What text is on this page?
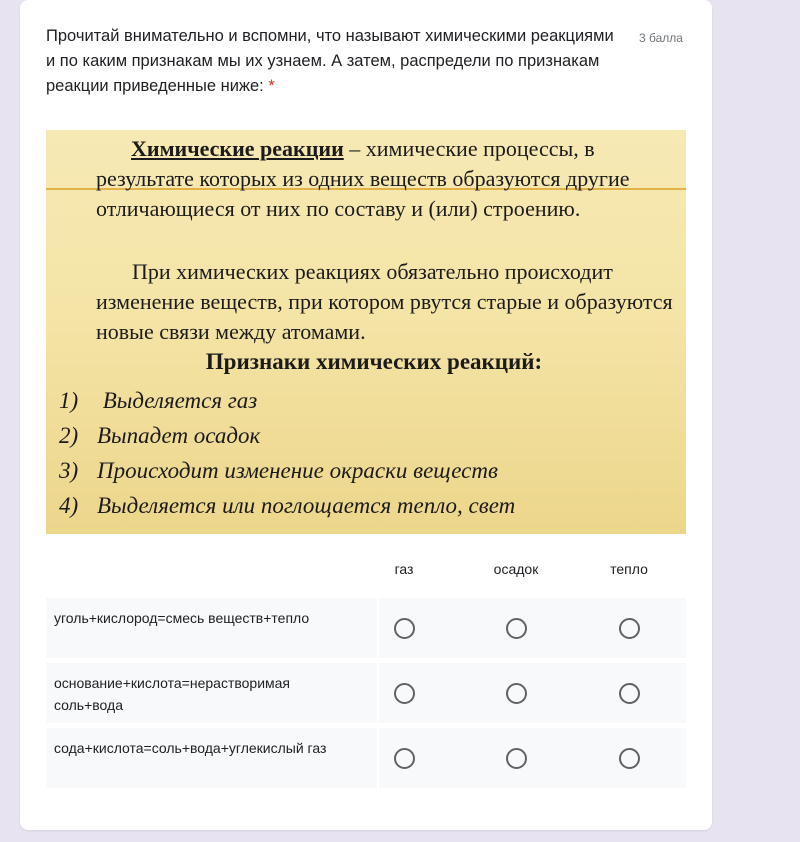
Прочитай внимательно и вспомни, что называют химическими реакциями и по каким признакам мы их узнаем. А затем, распредели по признакам реакции приведенные ниже: *
3 балла
Химические реакции – химические процессы, в результате которых из одних веществ образуются другие отличающиеся от них по составу и (или) строению.
При химических реакциях обязательно происходит изменение веществ, при котором рвутся старые и образуются новые связи между атомами.
Признаки химических реакций:
1) Выделяется газ
2) Выпадет осадок
3) Происходит изменение окраски веществ
4) Выделяется или поглощается тепло, свет
газ	осадок	тепло
уголь+кислород=смесь веществ+тепло
основание+кислота=нерастворимая соль+вода
сода+кислота=соль+вода+углекислый газ
